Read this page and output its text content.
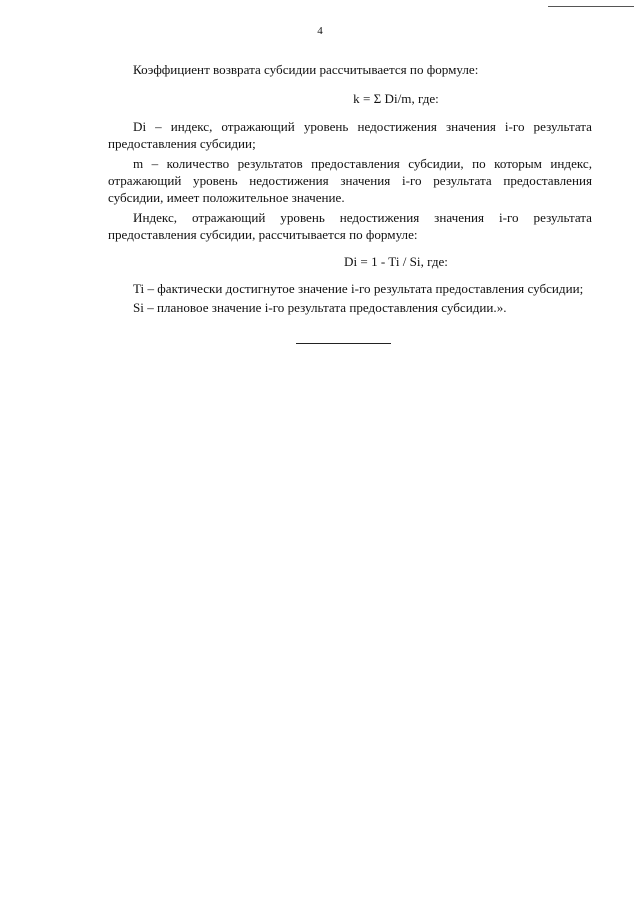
4

Коэффициент возврата субсидии рассчитывается по формуле:

k = Σ Di/m, где:

Di – индекс, отражающий уровень недостижения значения i-го результата предоставления субсидии;

m – количество результатов предоставления субсидии, по которым индекс, отражающий уровень недостижения значения i-го результата предоставления субсидии, имеет положительное значение.

Индекс, отражающий уровень недостижения значения i-го результата предоставления субсидии, рассчитывается по формуле:

Di = 1 - Ti / Si, где:

Ti – фактически достигнутое значение i-го результата предоставления субсидии;

Si – плановое значение i-го результата предоставления субсидии.».
